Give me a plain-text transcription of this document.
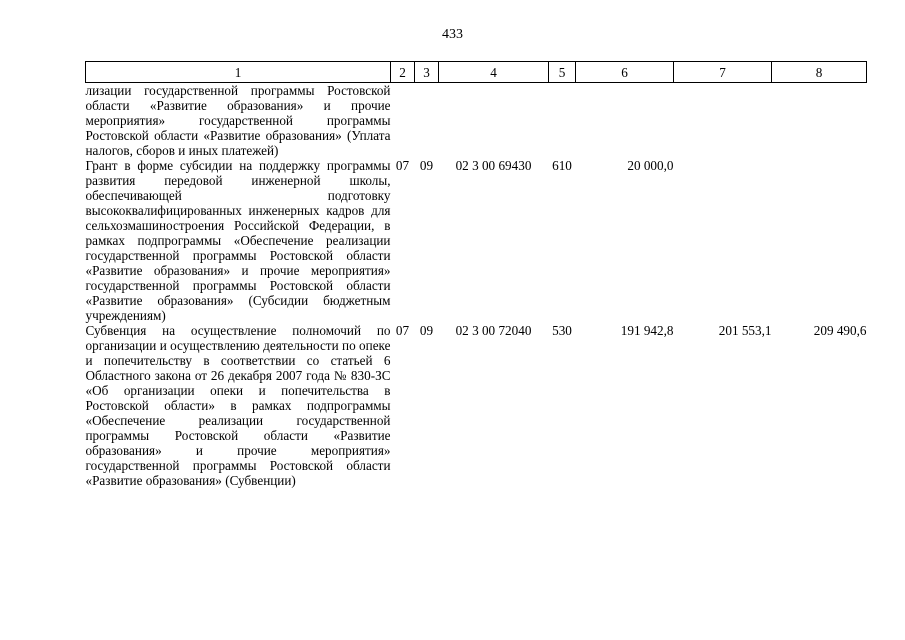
433
1	2	3	4	5	6	7	8
лизации государственной программы Ростовской области «Развитие образования» и прочие мероприятия» государственной программы Ростовской области «Развитие образования» (Уплата налогов, сборов и иных платежей)							
Грант в форме субсидии на поддержку программы развития передовой инженерной школы, обеспечивающей подготовку высококвалифицированных инженерных кадров для сельхозмашиностроения Российской Федерации, в рамках подпрограммы «Обеспечение реализации государственной программы Ростовской области «Развитие образования» и прочие мероприятия» государственной программы Ростовской области «Развитие образования» (Субсидии бюджетным учреждениям)	07	09	02 3 00 69430	610	20 000,0		
Субвенция на осуществление полномочий по организации и осуществлению деятельности по опеке и попечительству в соответствии со статьей 6 Областного закона от 26 декабря 2007 года № 830-ЗС «Об организации опеки и попечительства в Ростовской области» в рамках подпрограммы «Обеспечение реализации государственной программы Ростовской области «Развитие образования» и прочие мероприятия» государственной программы Ростовской области «Развитие образования» (Субвенции)	07	09	02 3 00 72040	530	191 942,8	201 553,1	209 490,6
